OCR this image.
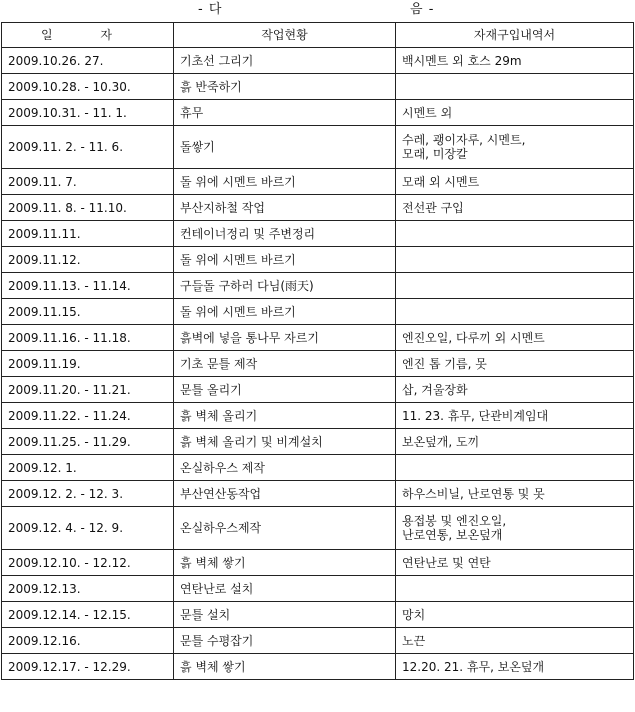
- 다	음 -
일 자	작업현황	자재구입내역서
2009.10.26. 27.	기초선 그리기	백시멘트 외 호스 29m
2009.10.28. - 10.30.	흙 반죽하기	
2009.10.31. - 11. 1.	휴무	시멘트 외
2009.11. 2. - 11. 6.	돌쌓기	수레, 괭이자루, 시멘트,
모래, 미장칼
2009.11. 7.	돌 위에 시멘트 바르기	모래 외 시멘트
2009.11. 8. - 11.10.	부산지하철 작업	전선관 구입
2009.11.11.	컨테이너정리 및 주변정리	
2009.11.12.	돌 위에 시멘트 바르기	
2009.11.13. - 11.14.	구들돌 구하러 다님(雨天)	
2009.11.15.	돌 위에 시멘트 바르기	
2009.11.16. - 11.18.	흙벽에 넣을 통나무 자르기	엔진오일, 다루끼 외 시멘트
2009.11.19.	기초 문틀 제작	엔진 톱 기름, 못
2009.11.20. - 11.21.	문틀 올리기	삽, 겨울장화
2009.11.22. - 11.24.	흙 벽체 올리기	11. 23. 휴무, 단관비계임대
2009.11.25. - 11.29.	흙 벽체 올리기 및 비계설치	보온덮개, 도끼
2009.12. 1.	온실하우스 제작	
2009.12. 2. - 12. 3.	부산연산동작업	하우스비닐, 난로연통 및 못
2009.12. 4. - 12. 9.	온실하우스제작	용접봉 및 엔진오일,
난로연통, 보온덮개
2009.12.10. - 12.12.	흙 벽체 쌓기	연탄난로 및 연탄
2009.12.13.	연탄난로 설치	
2009.12.14. - 12.15.	문틀 설치	망치
2009.12.16.	문틀 수평잡기	노끈
2009.12.17. - 12.29.	흙 벽체 쌓기	12.20. 21. 휴무, 보온덮개
